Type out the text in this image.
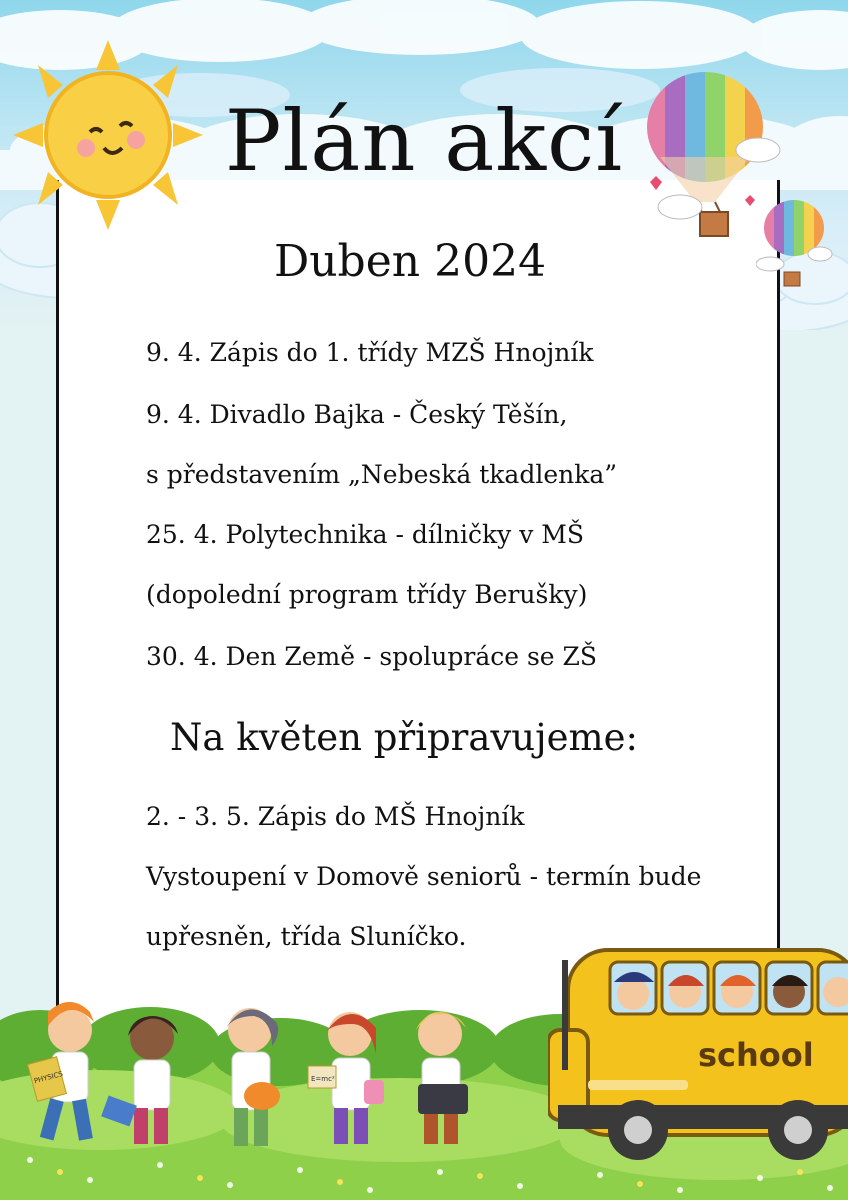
Plán akcí
Duben 2024
9. 4. Zápis do 1. třídy MZŠ Hnojník
9. 4. Divadlo Bajka - Český Těšín,
s představením „Nebeská tkadlenka”
25. 4. Polytechnika - dílničky v MŠ
(dopolední program třídy Berušky)
30. 4. Den Země - spolupráce se ZŠ
Na květen připravujeme:
2. - 3. 5. Zápis do MŠ Hnojník
Vystoupení v Domově seniorů - termín bude
upřesněn, třída Sluníčko.
PHYSICS	E=mc²
school
